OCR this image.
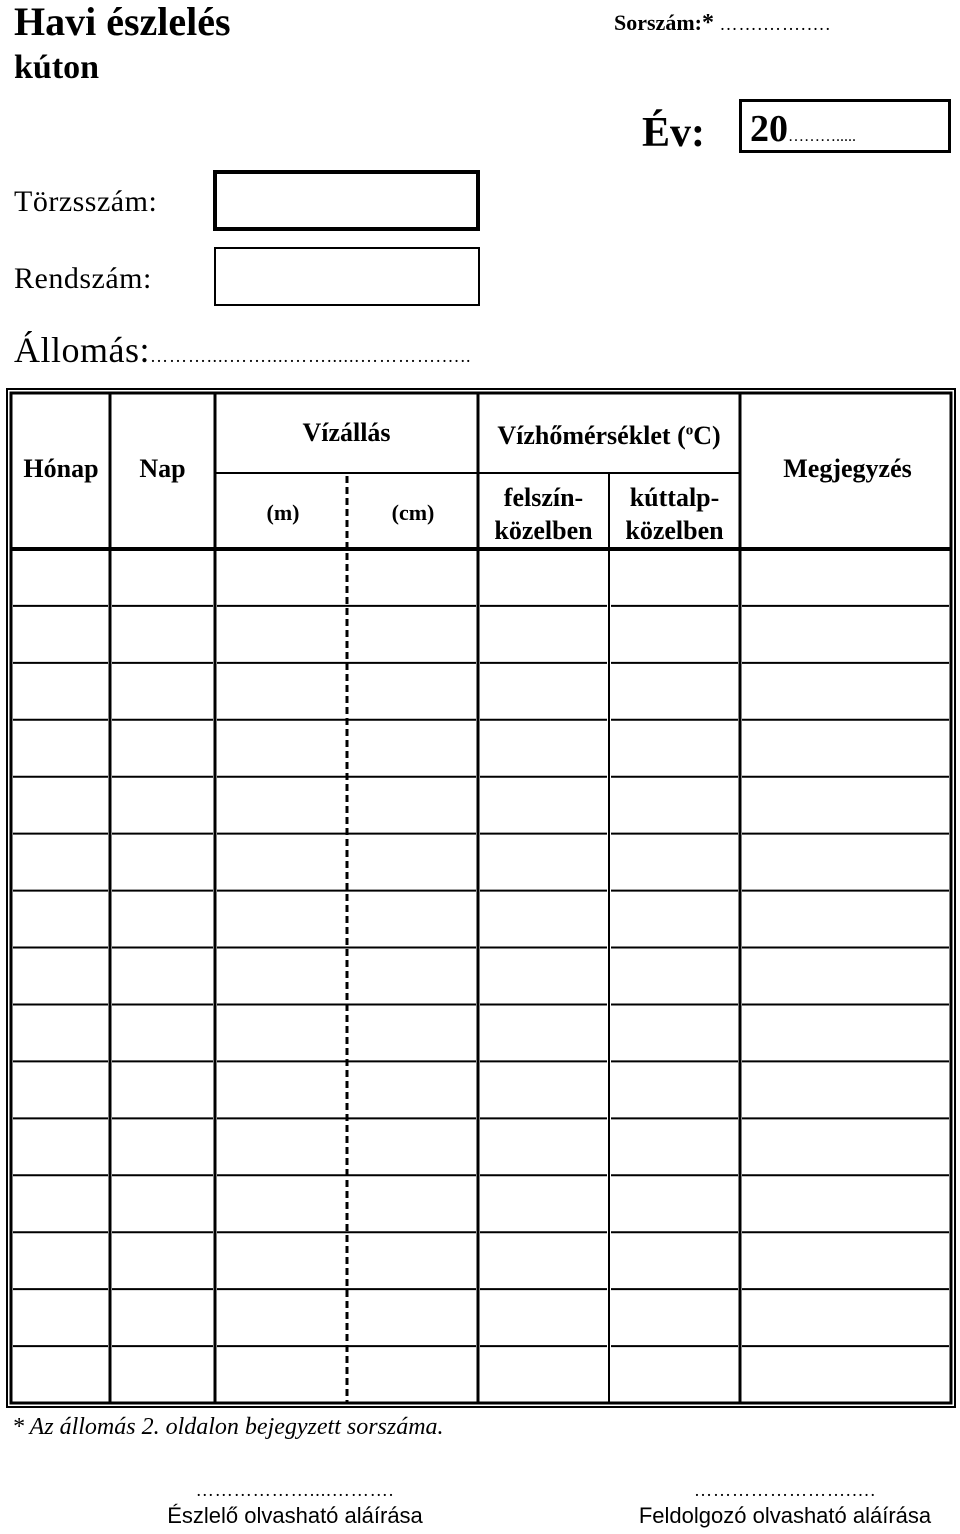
Havi észlelés
kúton
Sorszám:* …….…….….
Év: 20……….....
Törzsszám:
Rendszám:
Állomás:………....……....……......………….…..
Hónap	Nap
Vízállás
(m)	(cm)
Vízhőmérséklet ($^o$C)
felszín-
közelben
kúttalp-
közelben
Megjegyzés
* Az állomás 2. oldalon bejegyzett sorszáma.
………………....……….
Észlelő olvasható aláírása
…………………….….
Feldolgozó olvasható aláírása
